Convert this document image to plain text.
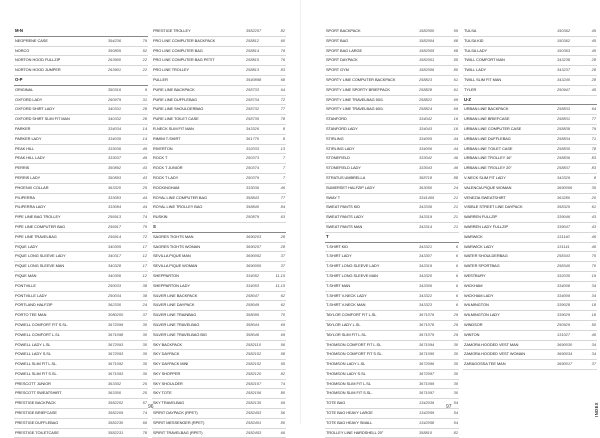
M-N
NEOPRENE CASE	394236	79
NORCO	350805	52
NORTON HOOD FULLZIP	263900	22
NORTON HOOD JUMPER	263901	22
O-P
ORIGINAL	350316	9
OXFORD LADY	260979	31
OXFORD SHIRT LADY	340331	28
OXFORD SHIRT SLIM FIT MAN	340332	28
PARKER	334034	14
PARKER LADY	334035	14
PEAK HILL	333036	49
PEAK HILL LADY	333037	49
PERRIS	350892	43
PERRIS LADY	350893	43
PHOENIX COLLAR	363320	25
PILIPERRA	333083	44
PILIPERRA LADY	333084	44
PIPE LINE BAG TROLLEY	256913	74
PIPE LINE COMPUTER BAG	256917	75
PIPE LINE TRAVELBAG	256914	72
PIQUE LADY	340305	17
PIQUE LONG SLEEVE LADY	340317	12
PIQUE LONG SLEEVE MAN	340328	17
PIQUE MAN	340306	12
PONTVILLE	250033	38
PONTVILLE LADY	250034	38
PORTLAND HALFZIP	362330	24
PORTO TEE MAN	3080200	37
POWELL COMFORT FIT S.SL.	3672099	30
POWELL COMFORT L.SL	3671098	30
POWELL LADY L.SL	3672093	30
POWELL LADY S.SL	3672093	30
POWELL SLIM FIT L.SL.	3671092	30
POWELL SLIM FIT S.SL.	3671093	30
PRESCOTT JUNIOR	363302	25
PRESCOTT SWEATSHIRT	363300	25
PRESTIGE BACKPACK	3582202	57
PRESTIGE BRIEFCASE	3582209	74
PRESTIGE DUFFLEBAG	3582230	66
PRESTIGE TOILETCASE	3582231	78
PRESTIGE TROLLEY	3582207	82
PRO LINE COMPUTER BACKPACK	258812	60
PRO LINE COMPUTER BAG	258814	76
PRO LINE COMPUTER BAG PETIT	258815	76
PRO LINE TROLLEY	258813	83
PULLER	3540898	68
PURE LINE BACKPACK	258733	64
PURE LINE DUFFLEBAG	258734	72
PURE LINE SHOULDERBAG	258732	77
PURE LINE TOILET CASE	258735	78
R-NECK SLIM FIT MAN	343326	8
RIMINI T-SHIRT	361770	8
RIVERTON	332033	13
ROCK T	250373	7
ROCK T JUNIOR	250374	7
ROCK T LADY	250379	7
ROCKINGHAM	333036	46
ROYAL LINE COMPUTER BAG	358843	77
ROYAL LINE TROLLEY BAG	358840	84
RUSKIN	250879	63
S
SAGRES TIGHTS MAN	3690203	28
SAGRES TIGHTS WOMAN	3690207	28
SEVILLA PIQUE MAN	3690002	37
SEVILLA PIQUE WOMAN	3690005	37
SHEPPARTON	334052	11,15
SHEPPARTON LADY	334053	11,15
SILVER LINE BACKPACK	258047	62
SILVER LINE DAYPACK	258049	62
SILVER LINE TRAINBAG	358095	70
SILVER LINE TRAVELBAG	358044	69
SILVER LINE TRAVELBAG BIG	358046	69
SKY BACKPACK	2582110	56
SKY DAYPACK	2582102	58
SKY DAYPACK MINI	2582102	55
SKY SHOPPER	2582120	82
SKY SHOULDER	2582107	74
SKY TOTE	2582106	80
SKY TRAVELBAG	2582135	69
SPIRIT DAYPACK (RPET)	2582453	56
SPIRIT MESSENGER (RPET)	2582401	80
SPIRIT TRAVELBAG (RPET)	2582453	66
96
SPORT BACKPACK	1582000	55
SPORT BAG	1582004	68
SPORT BAG LARGE	1582005	68
SPORT DAYPACK	1582001	55
SPORT GYM	1582006	80
SPORTY LINE COMPUTER BACKPACK	258823	61
SPORTY LINE SPORTY BRIEFPACK	258828	61
SPORTY LINE TRAVELBAG 50/1	258822	69
SPORTY LINE TRAVELBAG 60/1	258824	69
STANFORD	334042	16
STANFORD LADY	334043	16
STIRLING	334005	44
STIRLING LADY	334006	44
STONEFIELD	333042	46
STONEFIELD LADY	333043	49
STRATUS UMBRELLA	358718	88
SUMERSET HALFZIP LADY	363050	24
SWAY T	3341405	21
SWEAT PANTS KID	343336	21
SWEAT PANTS LADY	343319	21
SWEAT PANTS MAN	343314	21
T
T-SHIRT KID	343321	6
T-SHIRT LADY	343307	6
T-SHIRT LONG SLEEVE LADY	343319	6
T-SHIRT LONG SLEEVE MAN	343320	6
T-SHIRT MAN	343306	6
T-SHIRT V-NECK LADY	343322	6
T-SHIRT V-NECK MAN	343323	6
TAYLOR COMFORT FIT L.SL	3671076	29
TAYLOR LADY L.SL	3671078	29
TAYLOR SLIM FIT L.SL.	3671079	29
THOMSON COMFORT FIT L.SL	3671094	30
THOMSON COMFORT FIT S.SL.	3671095	30
THOMSON LADY L.SL	3672096	30
THOMSON LADY S.SL	3672097	30
THOMSON SLIM FIT L.SL	3671099	30
THOMSON SLIM FIT S.SL.	3671097	30
TOTE BAG	1342036	54
TOTE BAG HEAVY LARGE	1342059	54
TOTE BAG HEAVY SMALL	1342058	54
TROLLEY LINE HARDSHELL 20"	358810	82
TULSA	150362	45
TULSA KID	150362	45
TULSA LADY	150363	45
TWILL COMFORT MAN	343238	28
TWILL LADY	343237	28
TWILL SLIM FIT MAN	343240	28
TYLER	250947	45
U-Z
URBAN LINE BACKPACK	258833	64
URBAN LINE BRIEFCASE	258831	77
URBAN LINE COMPUTER CASE	258838	79
URBAN LINE DUFFLEBAG	258834	71
URBAN LINE TOILET CASE	258835	78
URBAN LINE TROLLEY 16"	258836	83
URBAN LINE TROLLEY 20"	258837	83
V-NECK SLIM FIT LADY	343329	8
VALENCIA PIQUE WOMAN	3690006	35
VENEZIA SWEATSHIRT	363280	20
VISIBLE STREET LINE DAYPACK	358325	61
WARREN FULLZIP	339046	43
WARREN LADY FULLZIP	339047	43
WARWICK	131140	46
WARWICK LADY	131141	46
WATER SHOULDERBAG	258343	75
WATER SPORTBAG	258340	70
WESTBURY	332030	19
WICKHAM	334008	34
WICKHAM LADY	334009	34
WILMINGTON	339028	18
WILMINGTON LADY	339029	18
WINDSOR	250929	50
WINTON	131027	46
ZAMORA HOODED VEST MAN	3690030	34
ZAMORA HOODED VEST WOMAN	3690034	34
ZARAGOSSA TEE MAN	3690017	37
97	INDEX
